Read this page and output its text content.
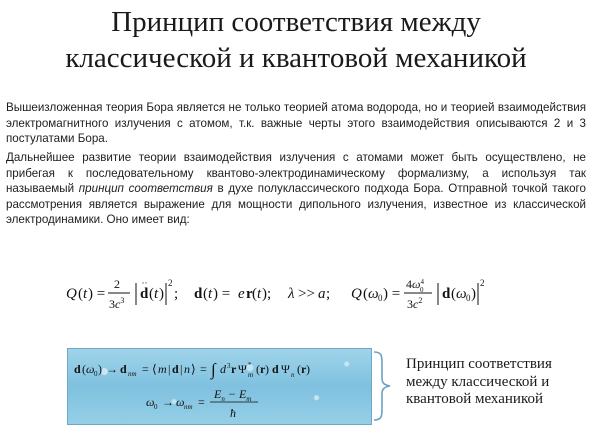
Принцип соответствия между
классической и квантовой механикой
Вышеизложенная теория Бора является не только теорией атома водорода, но и теорией взаимодействия электромагнитного излучения с атомом, т.к. важные черты этого взаимодействия описываются 2 и 3 постулатами Бора.
Дальнейшее развитие теории взаимодействия излучения с атомами может быть осуществлено, не прибегая к последовательному квантово-электродинамическому формализму, а используя так называемый принцип соответствия в духе полуклассического подхода Бора. Отправной точкой такого рассмотрения является выражение для мощности дипольного излучения, известное из классической электродинамики. Оно имеет вид:
Q ( t ) =
2
$3c^3$ d
··
( t )
2
; d ( t ) = e r ( t ); λ >> a ; Q ( ω 0 ) =
$4\omega^4$ 0
$3c^2$ d ( ω 0 )
2
d ( ω 0 ) → d nm = ⟨ m | d | n ⟩ = ∫ d 3 r Ψ *
m ( r ) d Ψ n ( r )
ω 0 → ω nm =
$E_n - E_m$
ħ
Принцип соответствия
между классической и
квантовой механикой
